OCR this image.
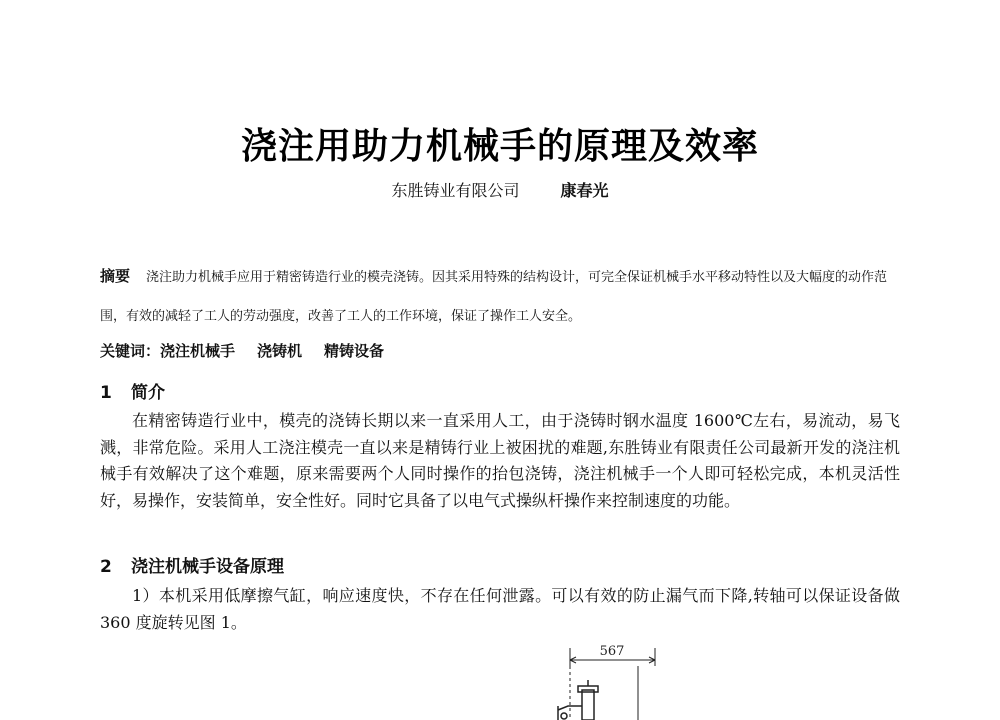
浇注用助力机械手的原理及效率
东胜铸业有限公司	康春光
摘要 浇注助力机械手应用于精密铸造行业的模壳浇铸。因其采用特殊的结构设计，可完全保证机械手水平移动特性以及大幅度的动作范围，有效的减轻了工人的劳动强度，改善了工人的工作环境，保证了操作工人安全。
关键词：浇注机械手 浇铸机 精铸设备
1 简介
在精密铸造行业中，模壳的浇铸长期以来一直采用人工，由于浇铸时钢水温度 1600℃左右，易流动，易飞溅，非常危险。采用人工浇注模壳一直以来是精铸行业上被困扰的难题,东胜铸业有限责任公司最新开发的浇注机械手有效解决了这个难题，原来需要两个人同时操作的抬包浇铸，浇注机械手一个人即可轻松完成，本机灵活性好，易操作，安装简单，安全性好。同时它具备了以电气式操纵杆操作来控制速度的功能。
2 浇注机械手设备原理
1）本机采用低摩擦气缸，响应速度快，不存在任何泄露。可以有效的防止漏气而下降,转轴可以保证设备做 360 度旋转见图 1。
567
